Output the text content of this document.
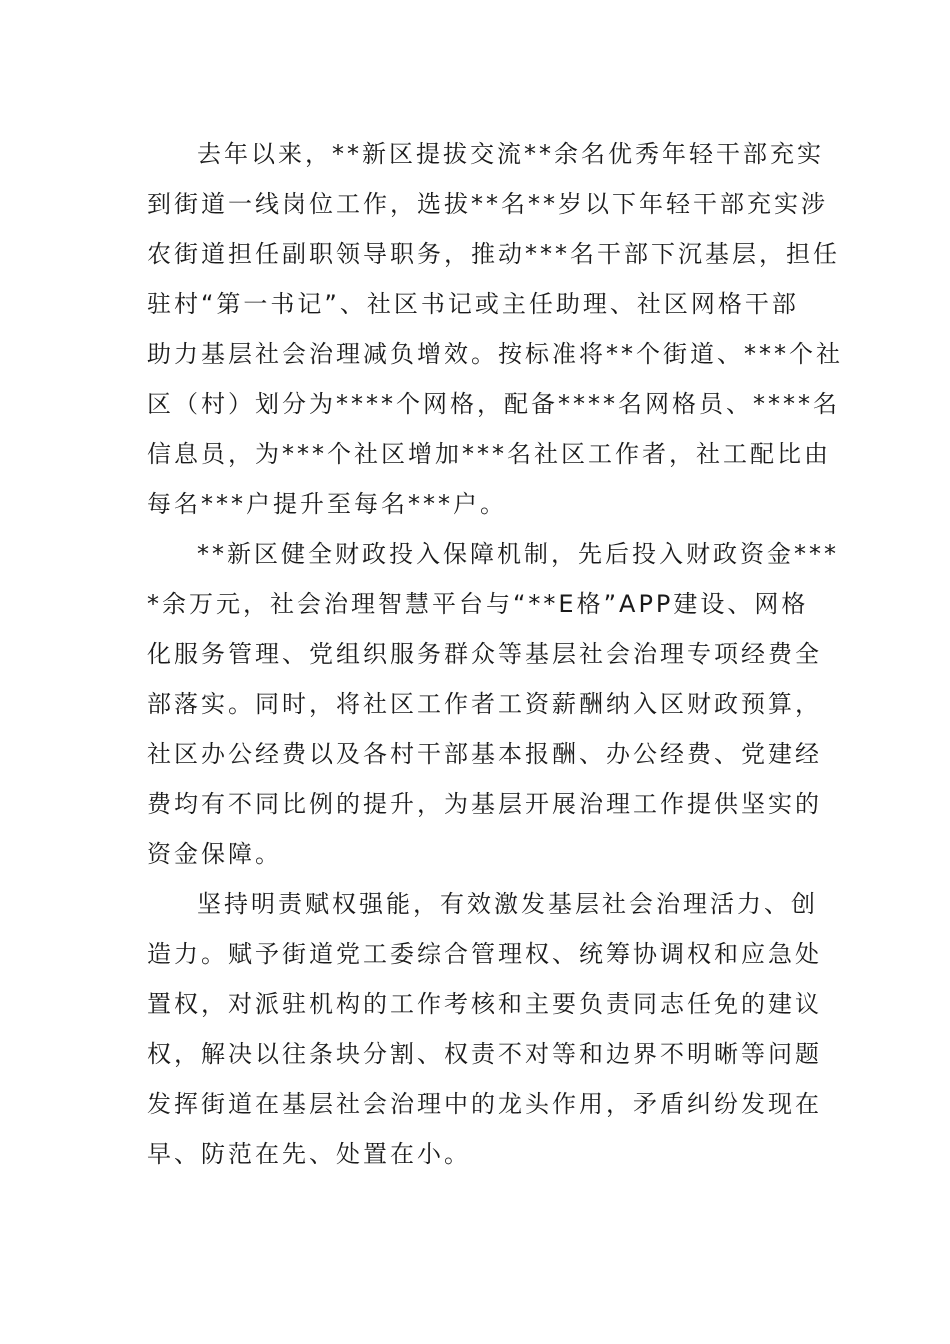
去年以来，**新区提拔交流**余名优秀年轻干部充实
到街道一线岗位工作，选拔**名**岁以下年轻干部充实涉
农街道担任副职领导职务，推动***名干部下沉基层，担任
驻村“第一书记”、社区书记或主任助理、社区网格干部
助力基层社会治理减负增效。按标准将**个街道、***个社
区（村）划分为****个网格，配备****名网格员、****名
信息员，为***个社区增加***名社区工作者，社工配比由
每名***户提升至每名***户。
**新区健全财政投入保障机制，先后投入财政资金***
*余万元，社会治理智慧平台与“**E格”APP建设、网格
化服务管理、党组织服务群众等基层社会治理专项经费全
部落实。同时，将社区工作者工资薪酬纳入区财政预算，
社区办公经费以及各村干部基本报酬、办公经费、党建经
费均有不同比例的提升，为基层开展治理工作提供坚实的
资金保障。
坚持明责赋权强能，有效激发基层社会治理活力、创
造力。赋予街道党工委综合管理权、统筹协调权和应急处
置权，对派驻机构的工作考核和主要负责同志任免的建议
权，解决以往条块分割、权责不对等和边界不明晰等问题
发挥街道在基层社会治理中的龙头作用，矛盾纠纷发现在
早、防范在先、处置在小。
